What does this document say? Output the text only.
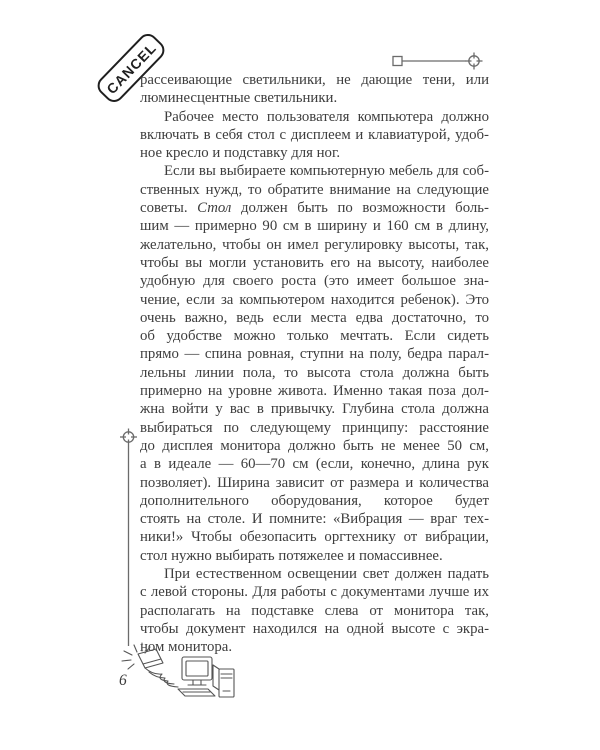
CANCEL
рассеивающие светильники, не дающие тени, или
люминесцентные светильники.
Рабочее место пользователя компьютера должно
включать в себя стол с дисплеем и клавиатурой, удоб-
ное кресло и подставку для ног.
Если вы выбираете компьютерную мебель для соб-
ственных нужд, то обратите внимание на следующие
советы. Стол должен быть по возможности боль-
шим — примерно 90 см в ширину и 160 см в длину,
желательно, чтобы он имел регулировку высоты, так,
чтобы вы могли установить его на высоту, наиболее
удобную для своего роста (это имеет большое зна-
чение, если за компьютером находится ребенок). Это
очень важно, ведь если места едва достаточно, то
об удобстве можно только мечтать. Если сидеть
прямо — спина ровная, ступни на полу, бедра парал-
лельны линии пола, то высота стола должна быть
примерно на уровне живота. Именно такая поза дол-
жна войти у вас в привычку. Глубина стола должна
выбираться по следующему принципу: расстояние
до дисплея монитора должно быть не менее 50 см,
а в идеале — 60—70 см (если, конечно, длина рук
позволяет). Ширина зависит от размера и количества
дополнительного оборудования, которое будет
стоять на столе. И помните: «Вибрация — враг тех-
ники!» Чтобы обезопасить оргтехнику от вибрации,
стол нужно выбирать потяжелее и помассивнее.
При естественном освещении свет должен падать
с левой стороны. Для работы с документами лучше их
располагать на подставке слева от монитора так,
чтобы документ находился на одной высоте с экра-
ном монитора.
6
